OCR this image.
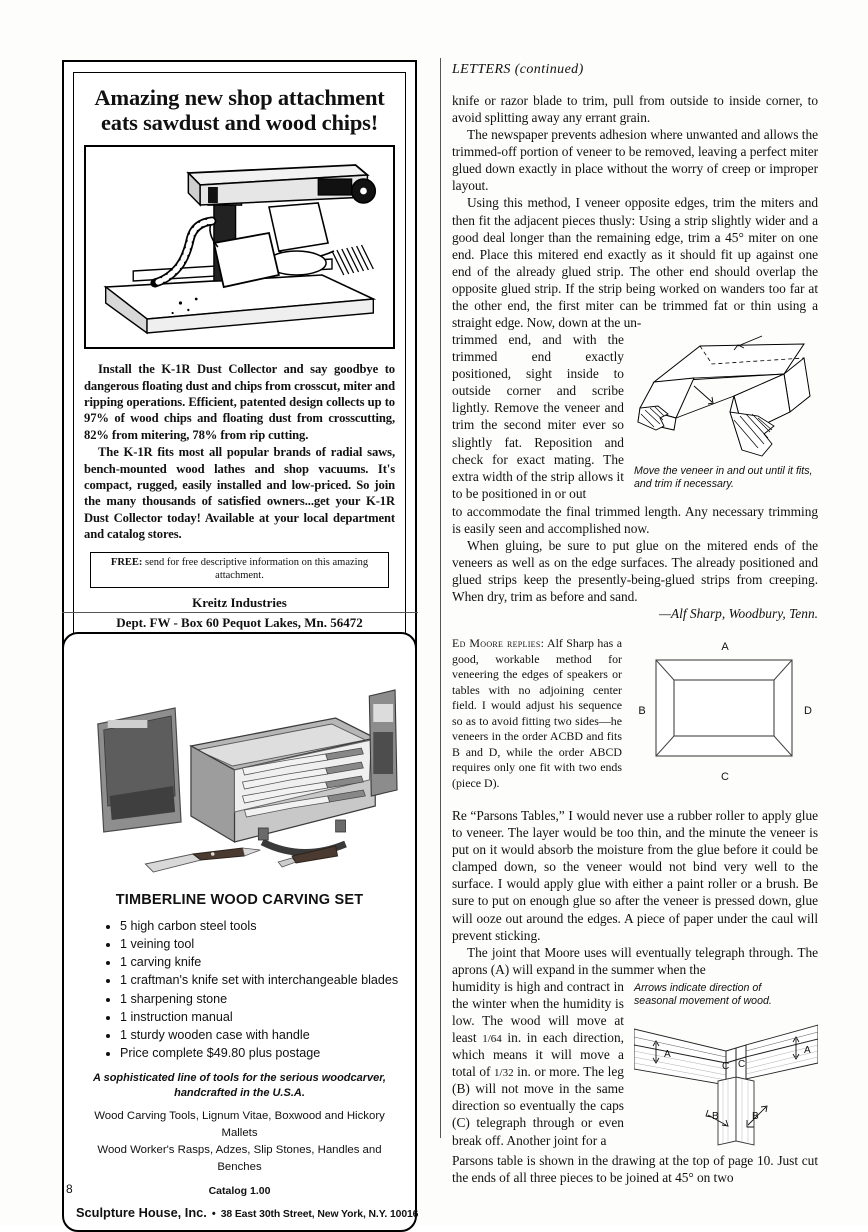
Amazing new shop attachment
eats sawdust and wood chips!

Install the K-1R Dust Collector and say goodbye to dangerous floating dust and chips from crosscut, miter and ripping operations. Efficient, patented design collects up to 97% of wood chips and floating dust from crosscutting, 82% from mitering, 78% from rip cutting.

The K-1R fits most all popular brands of radial saws, bench-mounted wood lathes and shop vacuums. It's compact, rugged, easily installed and low-priced. So join the many thousands of satisfied owners...get your K-1R Dust Collector today! Available at your local department and catalog stores.

FREE: send for free descriptive information on this amazing attachment.
Kreitz Industries
Dept. FW - Box 60 Pequot Lakes, Mn. 56472
TIMBERLINE WOOD CARVING SET
• 5 high carbon steel tools
• 1 veining tool
• 1 carving knife
• 1 craftman's knife set with interchangeable blades
• 1 sharpening stone
• 1 instruction manual
• 1 sturdy wooden case with handle
• Price complete $49.80 plus postage
A sophisticated line of tools for the serious woodcarver,
handcrafted in the U.S.A.
Wood Carving Tools, Lignum Vitae, Boxwood and Hickory Mallets
Wood Worker's Rasps, Adzes, Slip Stones, Handles and Benches
Catalog 1.00
Sculpture House, Inc. • 38 East 30th Street, New York, N.Y. 10016
LETTERS (continued)

knife or razor blade to trim, pull from outside to inside corner, to avoid splitting away any errant grain.

The newspaper prevents adhesion where unwanted and allows the trimmed-off portion of veneer to be removed, leaving a perfect miter glued down exactly in place without the worry of creep or improper layout.

Using this method, I veneer opposite edges, trim the miters and then fit the adjacent pieces thusly: Using a strip slightly wider and a good deal longer than the remaining edge, trim a 45° miter on one end. Place this mitered end exactly as it should fit up against one end of the already glued strip. The other end should overlap the opposite glued strip. If the strip being worked on wanders too far at the other end, the first miter can be trimmed fat or thin using a straight edge. Now, down at the un-

Move the veneer in and out until it fits, and trim if necessary.
trimmed end, and with the trimmed end exactly positioned, sight inside to outside corner and scribe lightly. Remove the veneer and trim the second miter ever so slightly fat. Reposition and check for exact mating. The extra width of the strip allows it to be positioned in or out

to accommodate the final trimmed length. Any necessary trimming is easily seen and accomplished now.

When gluing, be sure to put glue on the mitered ends of the veneers as well as on the edge surfaces. The already positioned and glued strips keep the presently-being-glued strips from creeping. When dry, trim as before and sand.

—Alf Sharp, Woodbury, Tenn.
A
B	D
C
Ed Moore replies: Alf Sharp has a good, workable method for veneering the edges of speakers or tables with no adjoining center field. I would adjust his sequence so as to avoid fitting two sides—he veneers in the order ACBD and fits B and D, while the order ABCD requires only one fit with two ends (piece D).

Re “Parsons Tables,” I would never use a rubber roller to apply glue to veneer. The layer would be too thin, and the minute the veneer is put on it would absorb the moisture from the glue before it could be clamped down, so the veneer would not bind very well to the surface. I would apply glue with either a paint roller or a brush. Be sure to put on enough glue so after the veneer is pressed down, glue will ooze out around the edges. A piece of paper under the caul will prevent sticking.

The joint that Moore uses will eventually telegraph through. The aprons (A) will expand in the summer when the

Arrows indicate direction of
seasonal movement of wood.
A	A
C C
B	B
humidity is high and contract in the winter when the humidity is low. The wood will move at least 1/64 in. in each direction, which means it will move a total of 1/32 in. or more. The leg (B) will not move in the same direction so eventually the caps (C) telegraph through or even break off. Another joint for a

Parsons table is shown in the drawing at the top of page 10. Just cut the ends of all three pieces to be joined at 45° on two

8
